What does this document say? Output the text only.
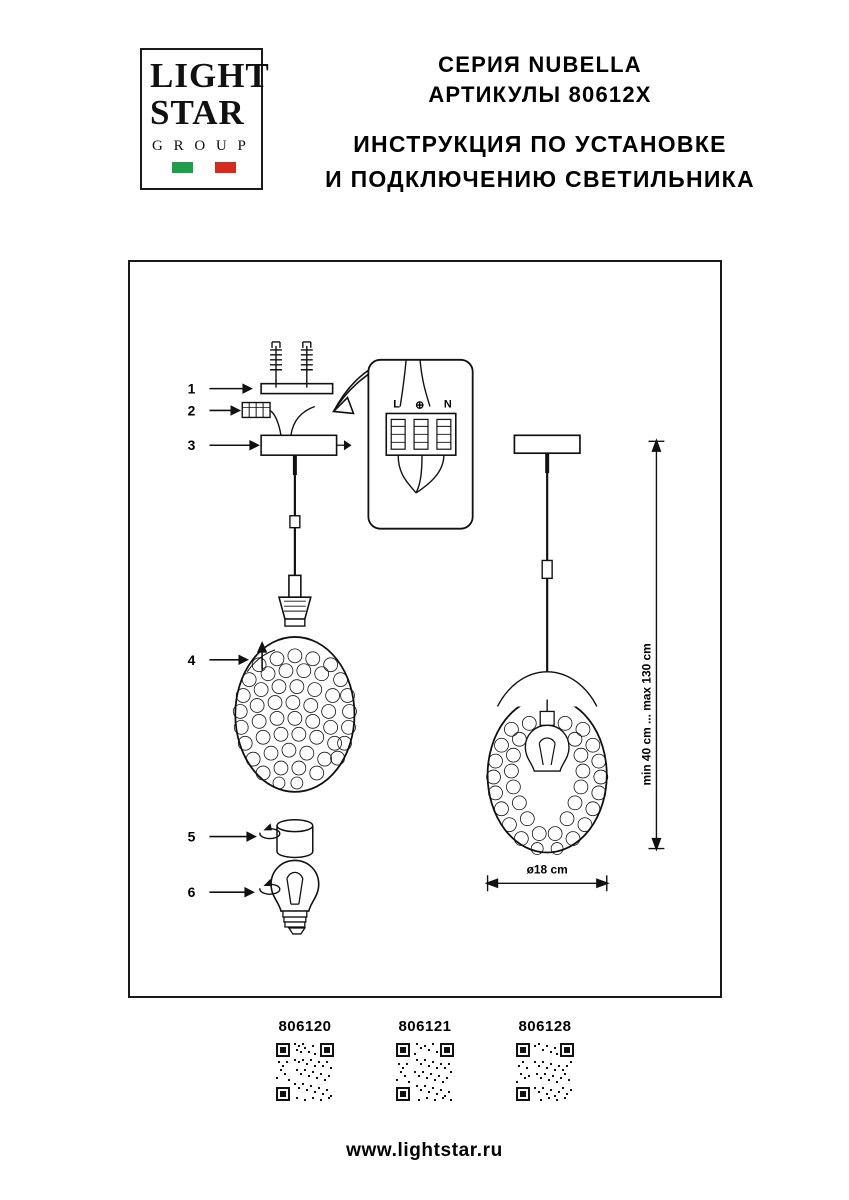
LIGHT
STAR
G R O U P
СЕРИЯ NUBELLA
АРТИКУЛЫ 80612X
ИНСТРУКЦИЯ ПО УСТАНОВКЕ
И ПОДКЛЮЧЕНИЮ СВЕТИЛЬНИКА
1
2
3
4
5
6
L ⊕ N
min 40 cm ... max 130 cm
ø18 cm
806120	806121	806128
www.lightstar.ru
